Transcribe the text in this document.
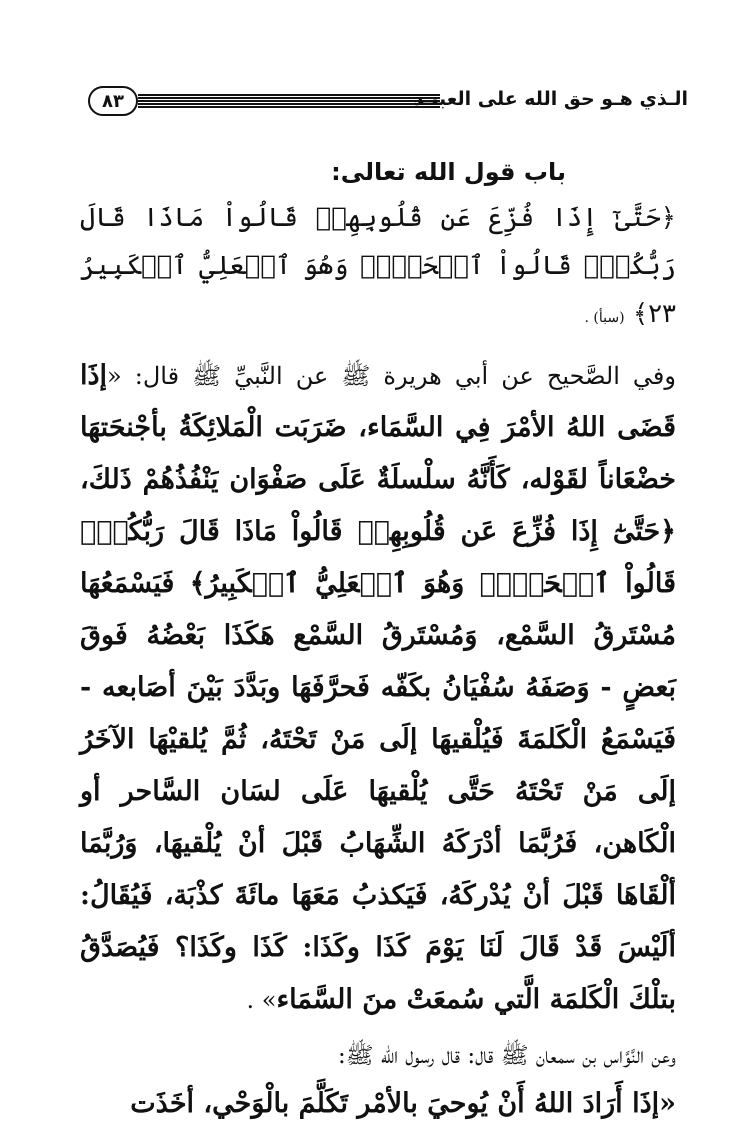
٨٣	الـذي هـو حق الله على العبيـد
باب قول الله تعالى:

﴿حَتَّىٰٓ إِذَا فُزِّعَ عَن قُلُوبِهِمۡ قَالُواْ مَاذَا قَالَ رَبُّكُمۡۖ قَالُواْ ٱلۡحَقَّۖ وَهُوَ ٱلۡعَلِيُّ ٱلۡكَبِيرُ ٢٣﴾ (سبأ) .

وفي الصَّحيح عن أبي هريرة ﷺ عن النَّبيِّ ﷺ قال: «إذَا قَضَى اللهُ الأمْرَ فِي السَّمَاء، ضَرَبَت الْمَلائِكَةُ بأجْنحَتهَا خضْعَاناً لقَوْله، كَأَنَّهُ سلْسلَةٌ عَلَى صَفْوَان يَنْفُذُهُمْ ذَلكَ، ﴿حَتَّىٰٓ إِذَا فُزِّعَ عَن قُلُوبِهِمۡ قَالُواْ مَاذَا قَالَ رَبُّكُمۡۖ قَالُواْ ٱلۡحَقَّۖ وَهُوَ ٱلۡعَلِيُّ ٱلۡكَبِيرُ﴾ فَيَسْمَعُهَا مُسْتَرقُ السَّمْع، وَمُسْتَرقُ السَّمْع هَكَذَا بَعْضُهُ فَوقَ بَعضٍ - وَصَفَهُ سُفْيَانُ بكَفّه فَحرَّفَهَا وبَدَّدَ بَيْنَ أصَابعه - فَيَسْمَعُ الْكَلمَةَ فَيُلْقيهَا إلَى مَنْ تَحْتَهُ، ثُمَّ يُلقيْهَا الآخَرُ إلَى مَنْ تَحْتَهُ حَتَّى يُلْقيهَا عَلَى لسَان السَّاحر أو الْكَاهن، فَرُبَّمَا أدْرَكَهُ الشِّهَابُ قَبْلَ أنْ يُلْقيهَا، وَرُبَّمَا ألْقَاهَا قَبْلَ أنْ يُدْركَهُ، فَيَكذبُ مَعَهَا مائَةَ كذْبَة، فَيُقَالُ: ألَيْسَ قَدْ قَالَ لَنَا يَوْمَ كَذَا وكَذَا: كَذَا وكَذَا؟ فَيُصَدَّقُ بتلْكَ الْكَلمَة الَّتي سُمعَتْ منَ السَّمَاء» .

وعن النَّوَّاس بن سمعان ﷺ قال: قال رسول الله ﷺ:
«إذَا أَرَادَ اللهُ أَنْ يُوحيَ بالأمْر تَكَلَّمَ بالْوَحْي، أخَذَت
